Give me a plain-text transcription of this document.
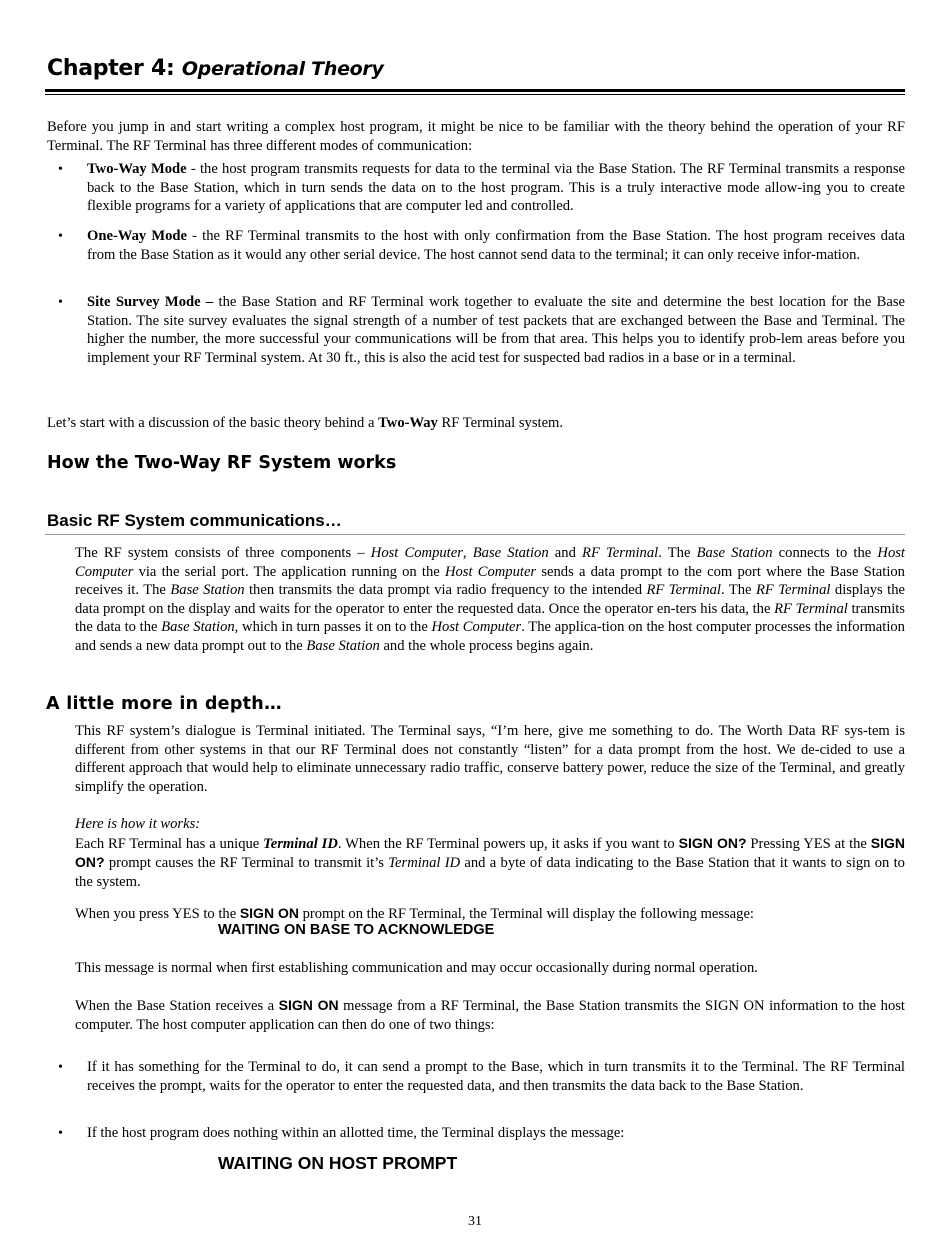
Chapter 4: Operational Theory
Before you jump in and start writing a complex host program, it might be nice to be familiar with the theory behind the operation of your RF Terminal. The RF Terminal has three different modes of communication:
• Two-Way Mode - the host program transmits requests for data to the terminal via the Base Station. The RF Terminal transmits a response back to the Base Station, which in turn sends the data on to the host program. This is a truly interactive mode allow-ing you to create flexible programs for a variety of applications that are computer led and controlled.
• One-Way Mode - the RF Terminal transmits to the host with only confirmation from the Base Station. The host program receives data from the Base Station as it would any other serial device. The host cannot send data to the terminal; it can only receive infor-mation.
• Site Survey Mode – the Base Station and RF Terminal work together to evaluate the site and determine the best location for the Base Station. The site survey evaluates the signal strength of a number of test packets that are exchanged between the Base and Terminal. The higher the number, the more successful your communications will be from that area. This helps you to identify prob-lem areas before you implement your RF Terminal system. At 30 ft., this is also the acid test for suspected bad radios in a base or in a terminal.
Let’s start with a discussion of the basic theory behind a Two-Way RF Terminal system.
How the Two-Way RF System works
Basic RF System communications…
The RF system consists of three components – Host Computer, Base Station and RF Terminal. The Base Station connects to the Host Computer via the serial port. The application running on the Host Computer sends a data prompt to the com port where the Base Station receives it. The Base Station then transmits the data prompt via radio frequency to the intended RF Terminal. The RF Terminal displays the data prompt on the display and waits for the operator to enter the requested data. Once the operator en-ters his data, the RF Terminal transmits the data to the Base Station, which in turn passes it on to the Host Computer. The applica-tion on the host computer processes the information and sends a new data prompt out to the Base Station and the whole process begins again.
A little more in depth…
This RF system’s dialogue is Terminal initiated. The Terminal says, “I’m here, give me something to do. The Worth Data RF sys-tem is different from other systems in that our RF Terminal does not constantly “listen” for a data prompt from the host. We de-cided to use a different approach that would help to eliminate unnecessary radio traffic, conserve battery power, reduce the size of the Terminal, and greatly simplify the operation.
Here is how it works:
Each RF Terminal has a unique Terminal ID. When the RF Terminal powers up, it asks if you want to SIGN ON? Pressing YES at the SIGN ON? prompt causes the RF Terminal to transmit it’s Terminal ID and a byte of data indicating to the Base Station that it wants to sign on to the system.
When you press YES to the SIGN ON prompt on the RF Terminal, the Terminal will display the following message:
WAITING ON BASE TO ACKNOWLEDGE
This message is normal when first establishing communication and may occur occasionally during normal operation.
When the Base Station receives a SIGN ON message from a RF Terminal, the Base Station transmits the SIGN ON information to the host computer. The host computer application can then do one of two things:
• If it has something for the Terminal to do, it can send a prompt to the Base, which in turn transmits it to the Terminal. The RF Terminal receives the prompt, waits for the operator to enter the requested data, and then transmits the data back to the Base Station.
• If the host program does nothing within an allotted time, the Terminal displays the message:
WAITING ON HOST PROMPT
31
